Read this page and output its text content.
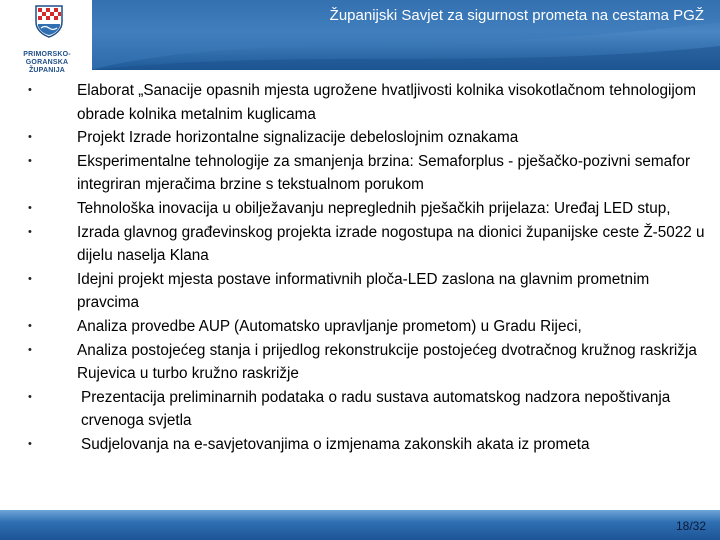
PRIMORSKO-GORANSKA
ŽUPANIJA
Županijski Savjet za sigurnost prometa na cestama PGŽ
•	Elaborat „Sanacije opasnih mjesta ugrožene hvatljivosti kolnika visokotlačnom tehnologijom obrade kolnika metalnim kuglicama
•	Projekt Izrade horizontalne signalizacije debeloslojnim oznakama
•	Eksperimentalne tehnologije za smanjenja brzina: Semaforplus - pješačko-pozivni semafor integriran mjeračima brzine s tekstualnom porukom
•	Tehnološka inovacija u obilježavanju nepreglednih pješačkih prijelaza: Uređaj LED stup,
•	Izrada glavnog građevinskog projekta izrade nogostupa na dionici županijske ceste Ž-5022 u dijelu naselja Klana
•	Idejni projekt mjesta postave informativnih ploča-LED zaslona na glavnim prometnim pravcima
•	Analiza provedbe AUP (Automatsko upravljanje prometom) u Gradu Rijeci,
•	Analiza postojećeg stanja i prijedlog rekonstrukcije postojećeg dvotračnog kružnog raskrižja Rujevica u turbo kružno raskrižje
•	Prezentacija preliminarnih podataka o radu sustava automatskog nadzora nepoštivanja crvenoga svjetla
•	Sudjelovanja na e-savjetovanjima o izmjenama zakonskih akata iz prometa
18/32
